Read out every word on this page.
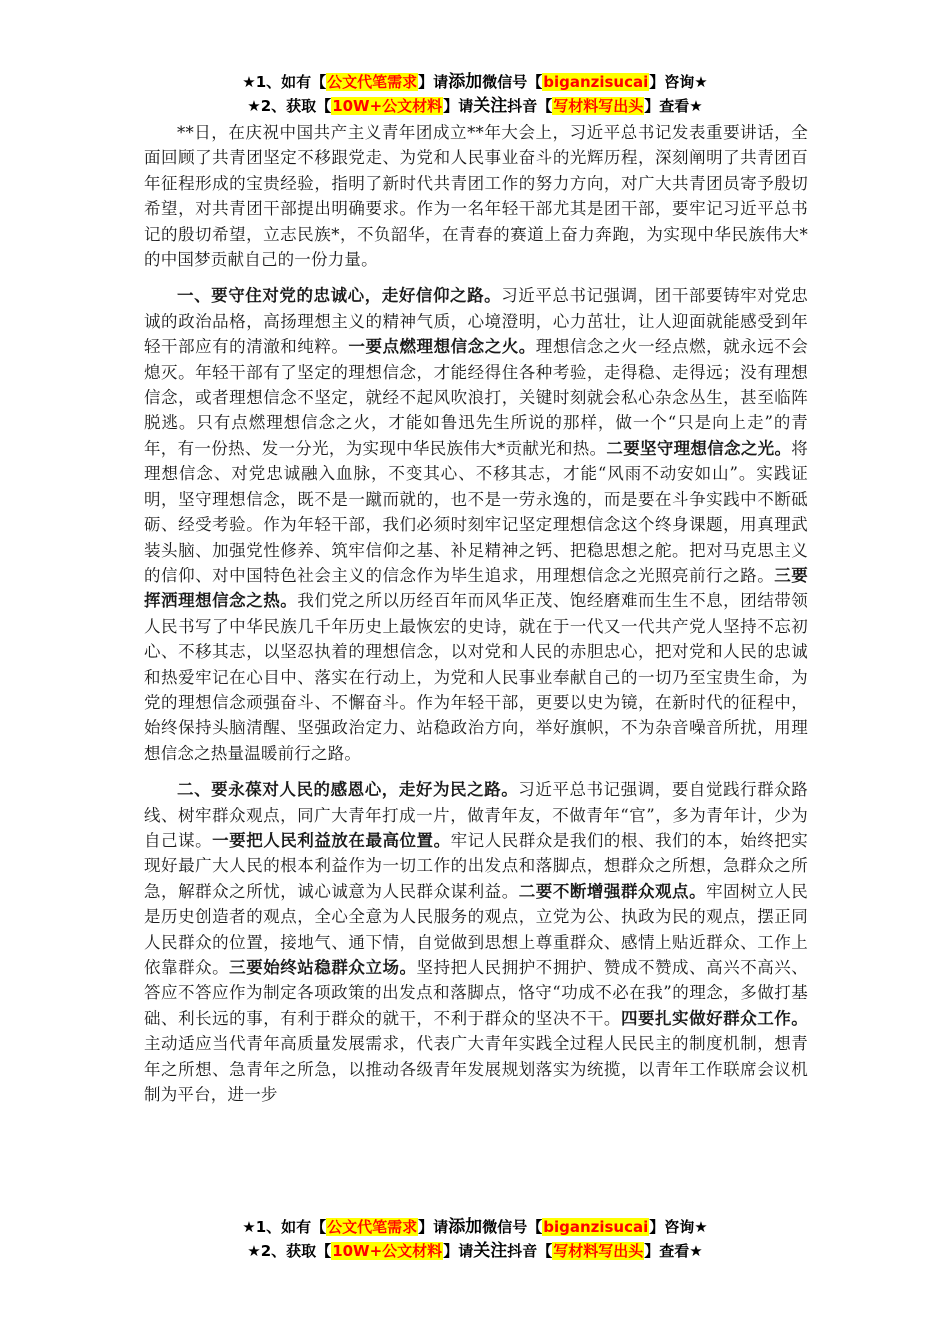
★1、如有【公文代笔需求】请添加微信号【biganzisucai】咨询★
★2、获取【10W+公文材料】请关注抖音【写材料写出头】查看★

**日，在庆祝中国共产主义青年团成立**年大会上，习近平总书记发表重要讲话，全面回顾了共青团坚定不移跟党走、为党和人民事业奋斗的光辉历程，深刻阐明了共青团百年征程形成的宝贵经验，指明了新时代共青团工作的努力方向，对广大共青团员寄予殷切希望，对共青团干部提出明确要求。作为一名年轻干部尤其是团干部，要牢记习近平总书记的殷切希望，立志民族*，不负韶华，在青春的赛道上奋力奔跑，为实现中华民族伟大*的中国梦贡献自己的一份力量。

一、要守住对党的忠诚心，走好信仰之路。习近平总书记强调，团干部要铸牢对党忠诚的政治品格，高扬理想主义的精神气质，心境澄明，心力茁壮，让人迎面就能感受到年轻干部应有的清澈和纯粹。一要点燃理想信念之火。理想信念之火一经点燃，就永远不会熄灭。年轻干部有了坚定的理想信念，才能经得住各种考验，走得稳、走得远；没有理想信念，或者理想信念不坚定，就经不起风吹浪打，关键时刻就会私心杂念丛生，甚至临阵脱逃。只有点燃理想信念之火，才能如鲁迅先生所说的那样，做一个“只是向上走”的青年，有一份热、发一分光，为实现中华民族伟大*贡献光和热。二要坚守理想信念之光。将理想信念、对党忠诚融入血脉，不变其心、不移其志，才能“风雨不动安如山”。实践证明，坚守理想信念，既不是一蹴而就的，也不是一劳永逸的，而是要在斗争实践中不断砥砺、经受考验。作为年轻干部，我们必须时刻牢记坚定理想信念这个终身课题，用真理武装头脑、加强党性修养、筑牢信仰之基、补足精神之钙、把稳思想之舵。把对马克思主义的信仰、对中国特色社会主义的信念作为毕生追求，用理想信念之光照亮前行之路。三要挥洒理想信念之热。我们党之所以历经百年而风华正茂、饱经磨难而生生不息，团结带领人民书写了中华民族几千年历史上最恢宏的史诗，就在于一代又一代共产党人坚持不忘初心、不移其志，以坚忍执着的理想信念，以对党和人民的赤胆忠心，把对党和人民的忠诚和热爱牢记在心目中、落实在行动上，为党和人民事业奉献自己的一切乃至宝贵生命，为党的理想信念顽强奋斗、不懈奋斗。作为年轻干部，更要以史为镜，在新时代的征程中，始终保持头脑清醒、坚强政治定力、站稳政治方向，举好旗帜，不为杂音噪音所扰，用理想信念之热量温暖前行之路。

二、要永葆对人民的感恩心，走好为民之路。习近平总书记强调，要自觉践行群众路线、树牢群众观点，同广大青年打成一片，做青年友，不做青年“官”，多为青年计，少为自己谋。一要把人民利益放在最高位置。牢记人民群众是我们的根、我们的本，始终把实现好最广大人民的根本利益作为一切工作的出发点和落脚点，想群众之所想，急群众之所急，解群众之所忧，诚心诚意为人民群众谋利益。二要不断增强群众观点。牢固树立人民是历史创造者的观点，全心全意为人民服务的观点，立党为公、执政为民的观点，摆正同人民群众的位置，接地气、通下情，自觉做到思想上尊重群众、感情上贴近群众、工作上依靠群众。三要始终站稳群众立场。坚持把人民拥护不拥护、赞成不赞成、高兴不高兴、答应不答应作为制定各项政策的出发点和落脚点，恪守“功成不必在我”的理念，多做打基础、利长远的事，有利于群众的就干，不利于群众的坚决不干。四要扎实做好群众工作。主动适应当代青年高质量发展需求，代表广大青年实践全过程人民民主的制度机制，想青年之所想、急青年之所急，以推动各级青年发展规划落实为统揽，以青年工作联席会议机制为平台，进一步

★1、如有【公文代笔需求】请添加微信号【biganzisucai】咨询★
★2、获取【10W+公文材料】请关注抖音【写材料写出头】查看★
